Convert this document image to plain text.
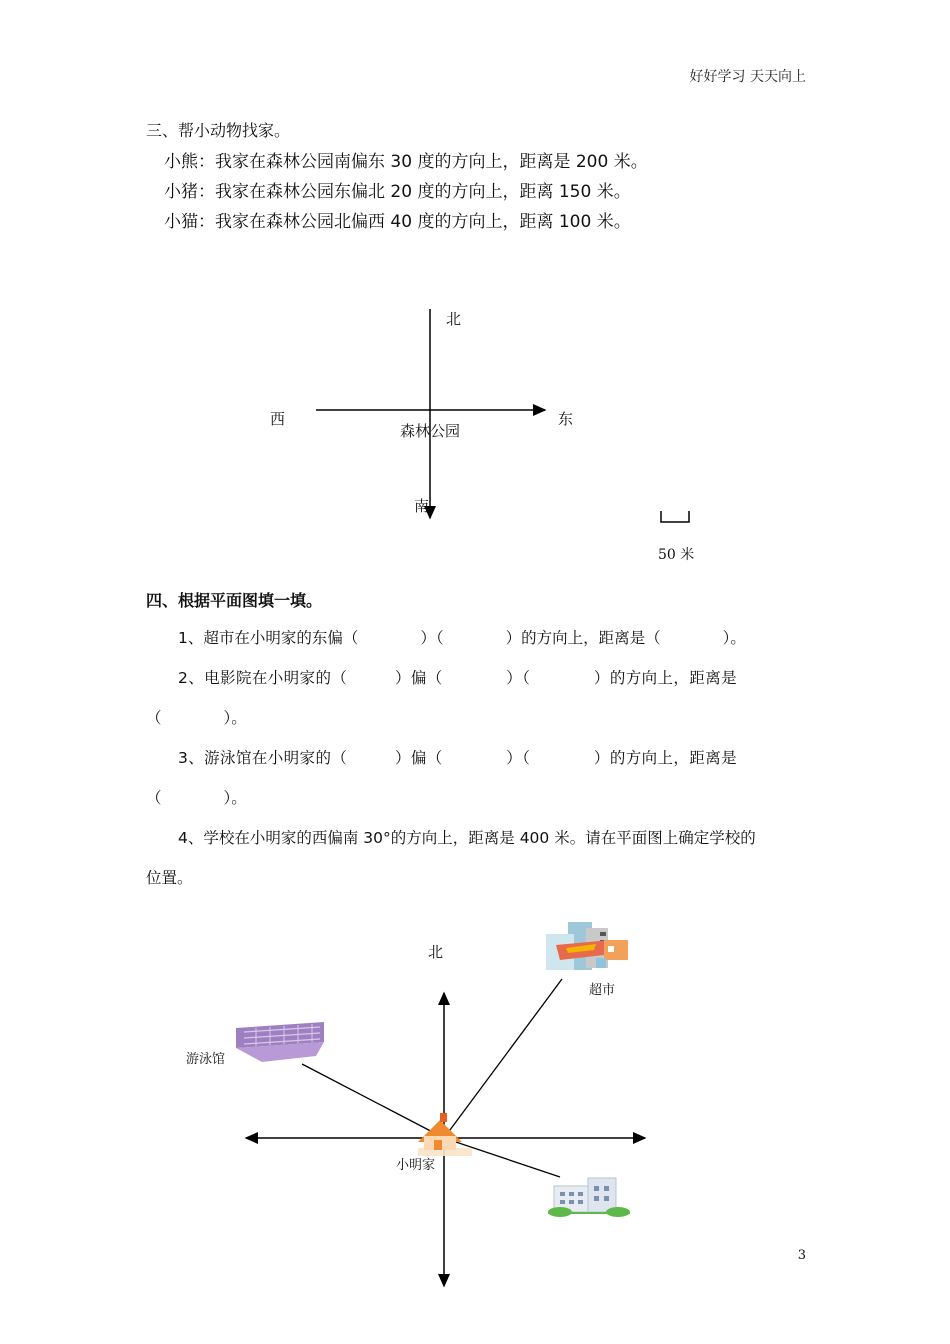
好好学习 天天向上
三、帮小动物找家。
小熊：我家在森林公园南偏东 30 度的方向上，距离是 200 米。
小猪：我家在森林公园东偏北 20 度的方向上，距离 150 米。
小猫：我家在森林公园北偏西 40 度的方向上，距离 100 米。
北
西	东
森林公园
南
50 米
四、根据平面图填一填。
1、超市在小明家的东偏（　　　　）（　　　　）的方向上，距离是（　　　　）。
2、电影院在小明家的（　　　）偏（　　　　）（　　　　）的方向上，距离是
（　　　　）。
3、游泳馆在小明家的（　　　）偏（　　　　）（　　　　）的方向上，距离是
（　　　　）。
4、学校在小明家的西偏南 30°的方向上，距离是 400 米。请在平面图上确定学校的
位置。
北
超市
游泳馆
小明家
3
